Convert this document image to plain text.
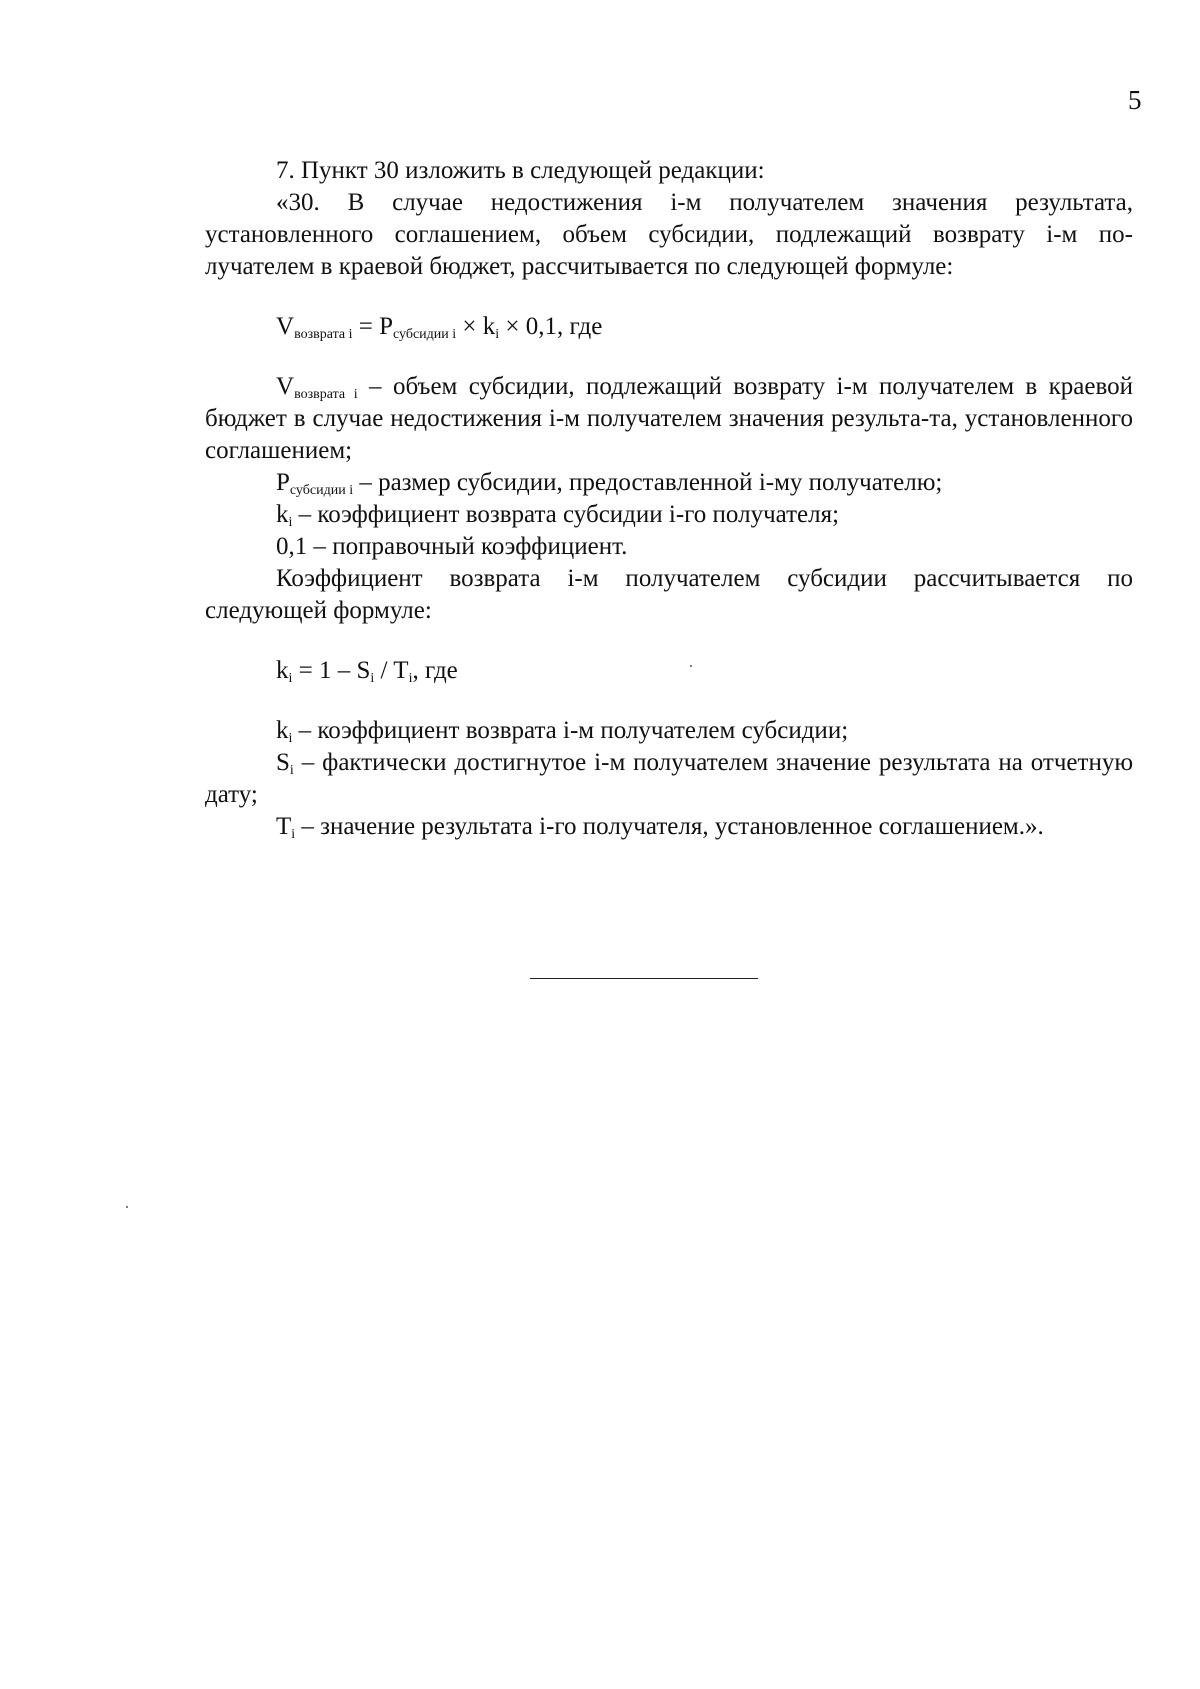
5

7. Пункт 30 изложить в следующей редакции:

«30. В случае недостижения i-м получателем значения результата, установленного соглашением, объем субсидии, подлежащий возврату i-м по-лучателем в краевой бюджет, рассчитывается по следующей формуле:

$V_{возврата i} = P_{субсидии i} \times k_i \times 0,1$, где

$V_{возврата i}$ – объем субсидии, подлежащий возврату i-м получателем в краевой бюджет в случае недостижения i-м получателем значения результа-та, установленного соглашением;

$P_{субсидии i}$ – размер субсидии, предоставленной i-му получателю;

$k_i$ – коэффициент возврата субсидии i-го получателя;

0,1 – поправочный коэффициент.

Коэффициент возврата i-м получателем субсидии рассчитывается по следующей формуле:

$k_i = 1 - S_i / T_i$, где

$k_i$ – коэффициент возврата i-м получателем субсидии;

$S_i$ – фактически достигнутое i-м получателем значение результата на отчетную дату;

$T_i$ – значение результата i-го получателя, установленное соглашением.».
